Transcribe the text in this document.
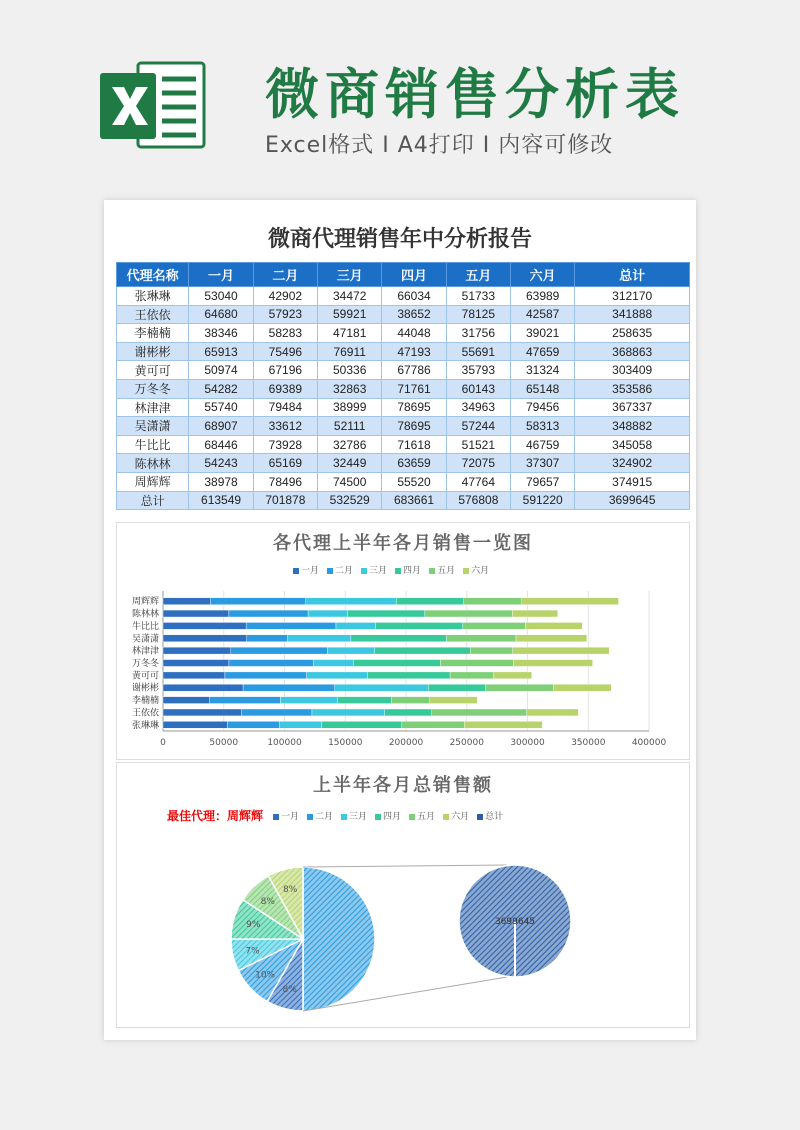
微商销售分析表
Excel格式 I A4打印 I 内容可修改
微商代理销售年中分析报告
代理名称	一月	二月	三月	四月	五月	六月	总计
张琳琳	53040	42902	34472	66034	51733	63989	312170
王依依	64680	57923	59921	38652	78125	42587	341888
李楠楠	38346	58283	47181	44048	31756	39021	258635
谢彬彬	65913	75496	76911	47193	55691	47659	368863
黄可可	50974	67196	50336	67786	35793	31324	303409
万冬冬	54282	69389	32863	71761	60143	65148	353586
林津津	55740	79484	38999	78695	34963	79456	367337
吴潇潇	68907	33612	52111	78695	57244	58313	348882
牛比比	68446	73928	32786	71618	51521	46759	345058
陈林林	54243	65169	32449	63659	72075	37307	324902
周辉辉	38978	78496	74500	55520	47764	79657	374915
总计	613549	701878	532529	683661	576808	591220	3699645
各代理上半年各月销售一览图
一月 二月 三月 四月 五月 六月
0	50000	100000	150000	200000	250000	300000	350000	400000
张琳琳
王依依
李楠楠
谢彬彬
黄可可
万冬冬
林津津
吴潇潇
牛比比
陈林林
周辉辉
上半年各月总销售额
最佳代理：周辉辉	一月 二月 三月 四月 五月 六月 总计
8%
10%
7%
9%
8%
8%
3699645
